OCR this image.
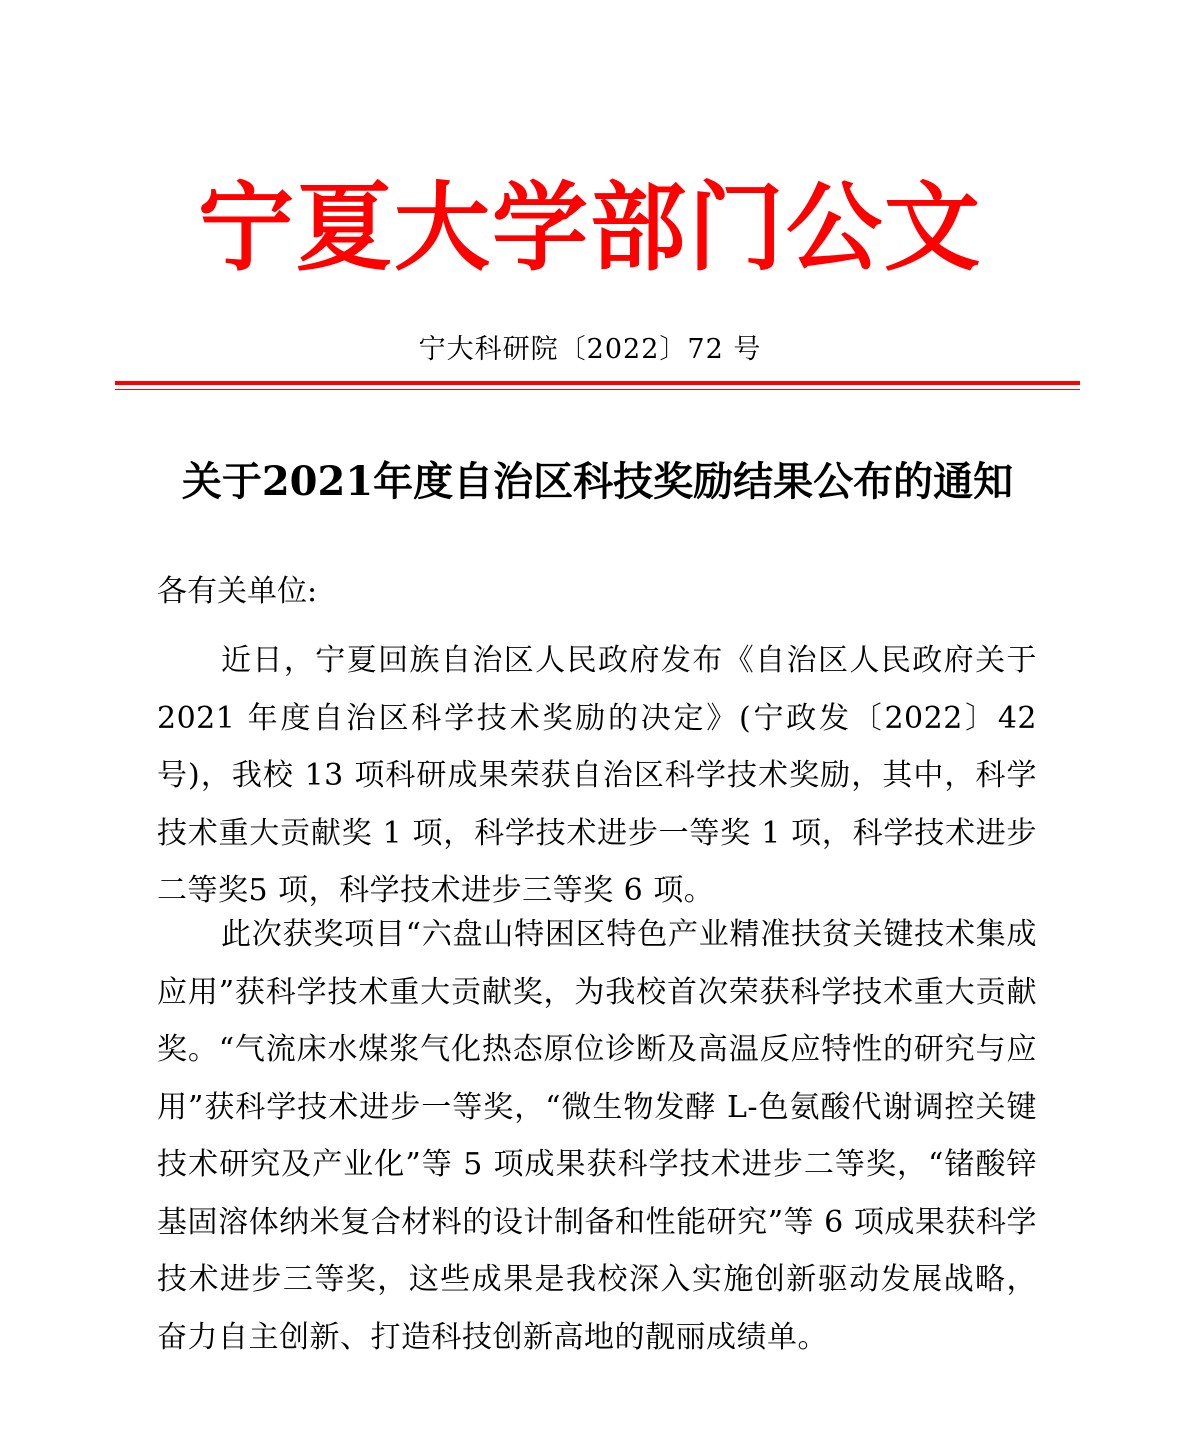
宁夏大学部门公文
宁大科研院〔2022〕72 号
关于2021年度自治区科技奖励结果公布的通知
各有关单位:

近日，宁夏回族自治区人民政府发布《自治区人民政府关于2021 年度自治区科学技术奖励的决定》(宁政发〔2022〕42 号)，我校 13 项科研成果荣获自治区科学技术奖励，其中，科学技术重大贡献奖 1 项，科学技术进步一等奖 1 项，科学技术进步二等奖5 项，科学技术进步三等奖 6 项。

此次获奖项目“六盘山特困区特色产业精准扶贫关键技术集成应用”获科学技术重大贡献奖，为我校首次荣获科学技术重大贡献奖。“气流床水煤浆气化热态原位诊断及高温反应特性的研究与应用”获科学技术进步一等奖，“微生物发酵 L-色氨酸代谢调控关键技术研究及产业化”等 5 项成果获科学技术进步二等奖，“锗酸锌基固溶体纳米复合材料的设计制备和性能研究”等 6 项成果获科学技术进步三等奖，这些成果是我校深入实施创新驱动发展战略，奋力自主创新、打造科技创新高地的靓丽成绩单。
